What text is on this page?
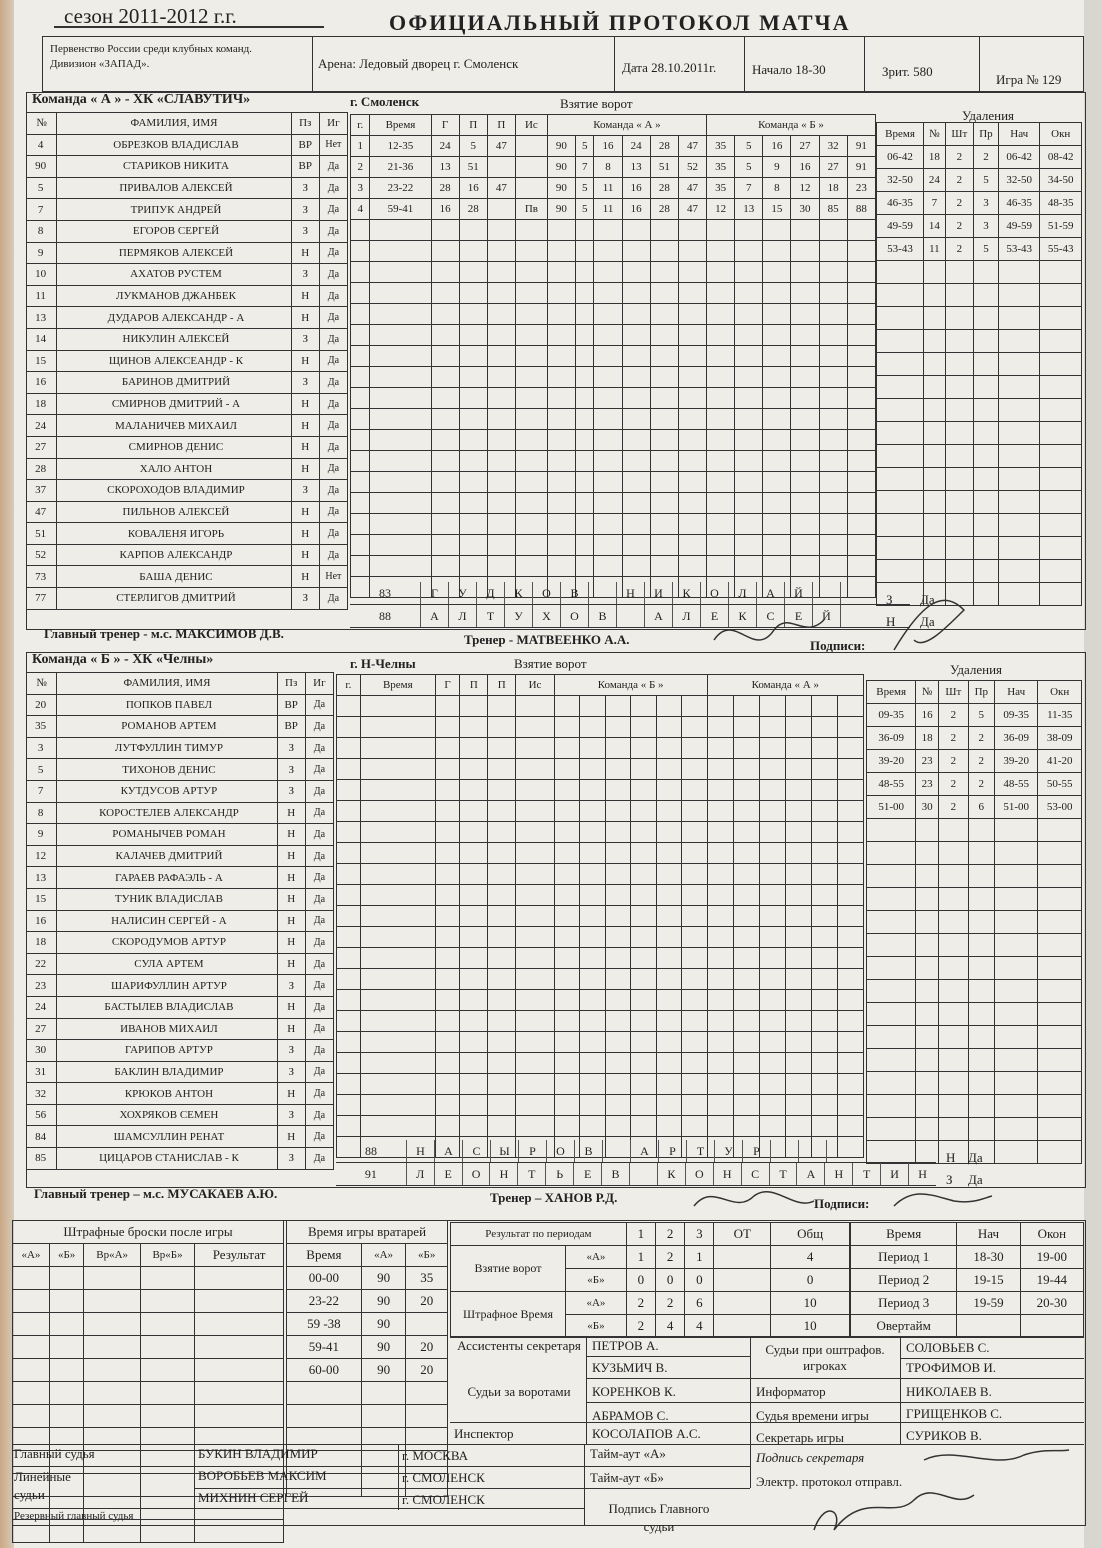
сезон 2011-2012 г.г.	ОФИЦИАЛЬНЫЙ ПРОТОКОЛ МАТЧА
Первенство России среди клубных команд. Дивизион «ЗАПАД».	Арена: Ледовый дворец г. Смоленск	Дата 28.10.2011г.	Начало 18-30	Зрит. 580
Игра № 129
Команда « А » - ХК «СЛАВУТИЧ»	г. Смоленск	Взятие ворот
Удаления
№	ФАМИЛИЯ, ИМЯ	Пз	Иг
4	ОБРЕЗКОВ ВЛАДИСЛАВ	ВР	Нет
90	СТАРИКОВ НИКИТА	ВР	Да
5	ПРИВАЛОВ АЛЕКСЕЙ	З	Да
7	ТРИПУК АНДРЕЙ	З	Да
8	ЕГОРОВ СЕРГЕЙ	З	Да
9	ПЕРМЯКОВ АЛЕКСЕЙ	Н	Да
10	АХАТОВ РУСТЕМ	З	Да
11	ЛУКМАНОВ ДЖАНБЕК	Н	Да
13	ДУДАРОВ АЛЕКСАНДР - А	Н	Да
14	НИКУЛИН АЛЕКСЕЙ	З	Да
15	ЩИНОВ АЛЕКСЕАНДР - К	Н	Да
16	БАРИНОВ ДМИТРИЙ	З	Да
18	СМИРНОВ ДМИТРИЙ - А	Н	Да
24	МАЛАНИЧЕВ МИХАИЛ	Н	Да
27	СМИРНОВ ДЕНИС	Н	Да
28	ХАЛО АНТОН	Н	Да
37	СКОРОХОДОВ ВЛАДИМИР	З	Да
47	ПИЛЬНОВ АЛЕКСЕЙ	Н	Да
51	КОВАЛЕНЯ ИГОРЬ	Н	Да
52	КАРПОВ АЛЕКСАНДР	Н	Да
73	БАША ДЕНИС	Н	Нет
77	СТЕРЛИГОВ ДМИТРИЙ	З	Да
г.	Время	Г	П	П	Ис	Команда « А »						Команда « Б »					
1	12-35	24	5	47		90	5	16	24	28	47	35	5	16	27	32	91
2	21-36	13	51			90	7	8	13	51	52	35	5	9	16	27	91
3	23-22	28	16	47		90	5	11	16	28	47	35	7	8	12	18	23
4	59-41	16	28		Пв	90	5	11	16	28	47	12	13	15	30	85	88

Время	№	Шт	Пр	Нач	Окн
06-42	18	2	2	06-42	08-42
32-50	24	2	5	32-50	34-50
46-35	7	2	3	46-35	48-35
49-59	14	2	3	49-59	51-59
53-43	11	2	5	53-43	55-43

83	Г	У	Д	К	О	В	Н	И	К	О	Л	А	Й
88	А	Л	Т	У	Х	О	В	А	Л	Е	К	С	Е	Й
З Да
Н Да
Главный тренер - м.с. МАКСИМОВ Д.В.	Тренер - МАТВЕЕНКО А.А.	Подписи:
Команда « Б » - ХК «Челны»	г. Н-Челны	Взятие ворот	Удаления
№	ФАМИЛИЯ, ИМЯ	Пз	Иг
20	ПОПКОВ ПАВЕЛ	ВР	Да
35	РОМАНОВ АРТЕМ	ВР	Да
3	ЛУТФУЛЛИН ТИМУР	З	Да
5	ТИХОНОВ ДЕНИС	З	Да
7	КУТДУСОВ АРТУР	З	Да
8	КОРОСТЕЛЕВ АЛЕКСАНДР	Н	Да
9	РОМАНЫЧЕВ РОМАН	Н	Да
12	КАЛАЧЕВ ДМИТРИЙ	Н	Да
13	ГАРАЕВ РАФАЭЛЬ - А	Н	Да
15	ТУНИК ВЛАДИСЛАВ	Н	Да
16	НАЛИСИН СЕРГЕЙ - А	Н	Да
18	СКОРОДУМОВ АРТУР	Н	Да
22	СУЛА АРТЕМ	Н	Да
23	ШАРИФУЛЛИН АРТУР	З	Да
24	БАСТЫЛЕВ ВЛАДИСЛАВ	Н	Да
27	ИВАНОВ МИХАИЛ	Н	Да
30	ГАРИПОВ АРТУР	З	Да
31	БАКЛИН ВЛАДИМИР	З	Да
32	КРЮКОВ АНТОН	Н	Да
56	ХОХРЯКОВ СЕМЕН	З	Да
84	ШАМСУЛЛИН РЕНАТ	Н	Да
85	ЦИЦАРОВ СТАНИСЛАВ - К	З	Да
г.	Время	Г	П	П	Ис	Команда « Б »						Команда « А »					

Время	№	Шт	Пр	Нач	Окн
09-35	16	2	5	09-35	11-35
36-09	18	2	2	36-09	38-09
39-20	23	2	2	39-20	41-20
48-55	23	2	2	48-55	50-55
51-00	30	2	6	51-00	53-00

88	Н	А	С	Ы	Р	О	В	А	Р	Т	У	Р
91	Л	Е	О	Н	Т	Ь	Е	В	К	О	Н	С	Т	А	Н	Т	И	Н
Н Да
З Да
Главный тренер – м.с. МУСАКАЕВ А.Ю.	Тренер – ХАНОВ Р.Д.	Подписи:
Штрафные броски после игры				
«А»	«Б»	Вр«А»	Вр«Б»	Результат

Время игры вратарей		
Время	«А»	«Б»
00-00	90	35
23-22	90	20
59 -38	90	
59-41	90	20
60-00	90	20

Результат по периодам		1	2	3	ОТ	Общ
Взятие ворот	«А»	1	2	1		4
	«Б»	0	0	0		0
Штрафное Время	«А»	2	2	6		10
	«Б»	2	4	4		10
Время	Нач	Окон
Период 1	18-30	19-00
Период 2	19-15	19-44
Период 3	19-59	20-30
Овертайм		
Ассистенты секретаря ПЕТРОВ А.
КУЗЬМИЧ В.
Судьи за воротами КОРЕНКОВ К.
АБРАМОВ С.
Инспектор	КОСОЛАПОВ А.С.
Судьи при оштрафов. игроках
СОЛОВЬЕВ С.
ТРОФИМОВ И.
Информатор	НИКОЛАЕВ В.
Судья времени игры	ГРИЩЕНКОВ С.
Секретарь игры	СУРИКОВ В.
Главный судья	БУКИН ВЛАДИМИР	г. МОСКВА
Линейные судьи
ВОРОБЬЕВ МАКСИМ	г. СМОЛЕНСК
МИХНИН СЕРГЕЙ	г. СМОЛЕНСК
Резервный главный судья
Тайм-аут «А»
Тайм-аут «Б»
Подпись секретаря
Электр. протокол отправл.
Подпись Главного судьи
